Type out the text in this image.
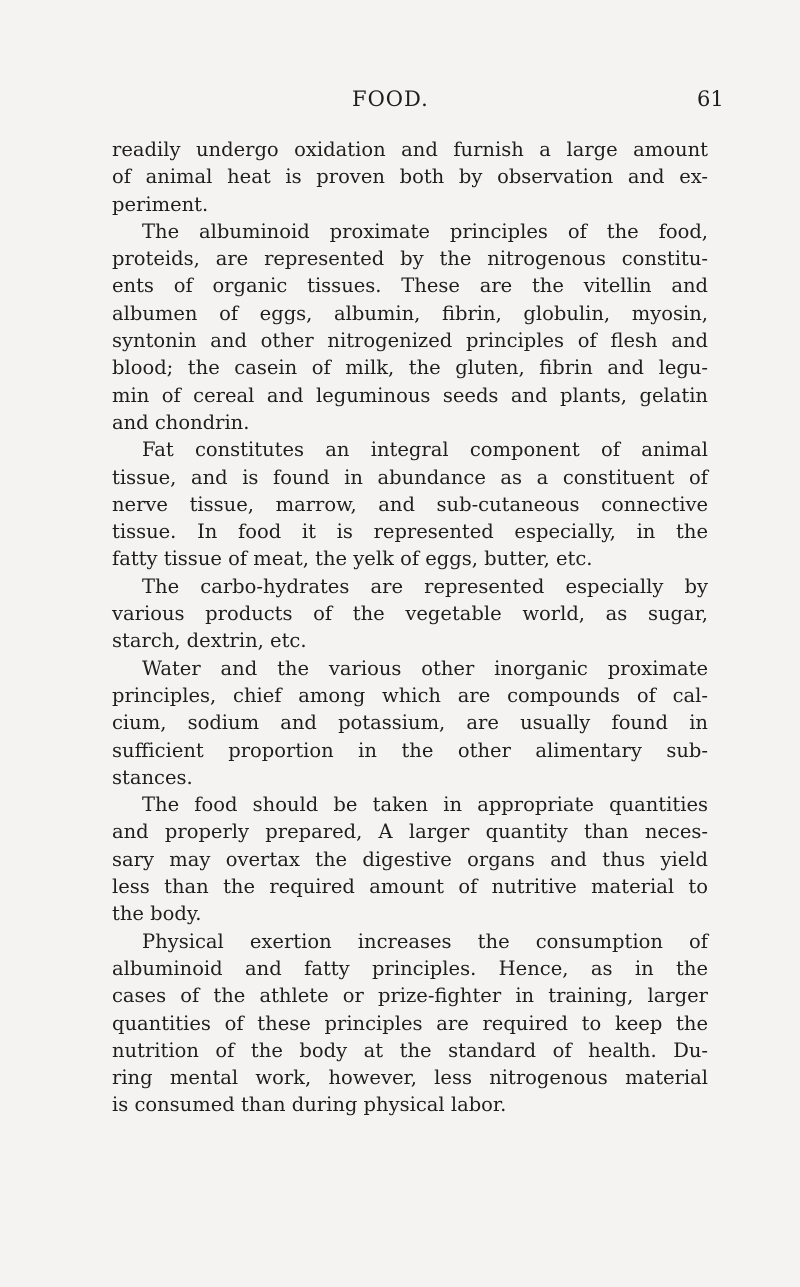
FOOD.	61
readily undergo oxidation and furnish a large amount
of animal heat is proven both by observation and ex-
periment.
The albuminoid proximate principles of the food,
proteids, are represented by the nitrogenous constitu-
ents of organic tissues. These are the vitellin and
albumen of eggs, albumin, fibrin, globulin, myosin,
syntonin and other nitrogenized principles of flesh and
blood; the casein of milk, the gluten, fibrin and legu-
min of cereal and leguminous seeds and plants, gelatin
and chondrin.
Fat constitutes an integral component of animal
tissue, and is found in abundance as a constituent of
nerve tissue, marrow, and sub-cutaneous connective
tissue. In food it is represented especially, in the
fatty tissue of meat, the yelk of eggs, butter, etc.
The carbo-hydrates are represented especially by
various products of the vegetable world, as sugar,
starch, dextrin, etc.
Water and the various other inorganic proximate
principles, chief among which are compounds of cal-
cium, sodium and potassium, are usually found in
sufficient proportion in the other alimentary sub-
stances.
The food should be taken in appropriate quantities
and properly prepared, A larger quantity than neces-
sary may overtax the digestive organs and thus yield
less than the required amount of nutritive material to
the body.
Physical exertion increases the consumption of
albuminoid and fatty principles. Hence, as in the
cases of the athlete or prize-fighter in training, larger
quantities of these principles are required to keep the
nutrition of the body at the standard of health. Du-
ring mental work, however, less nitrogenous material
is consumed than during physical labor.
